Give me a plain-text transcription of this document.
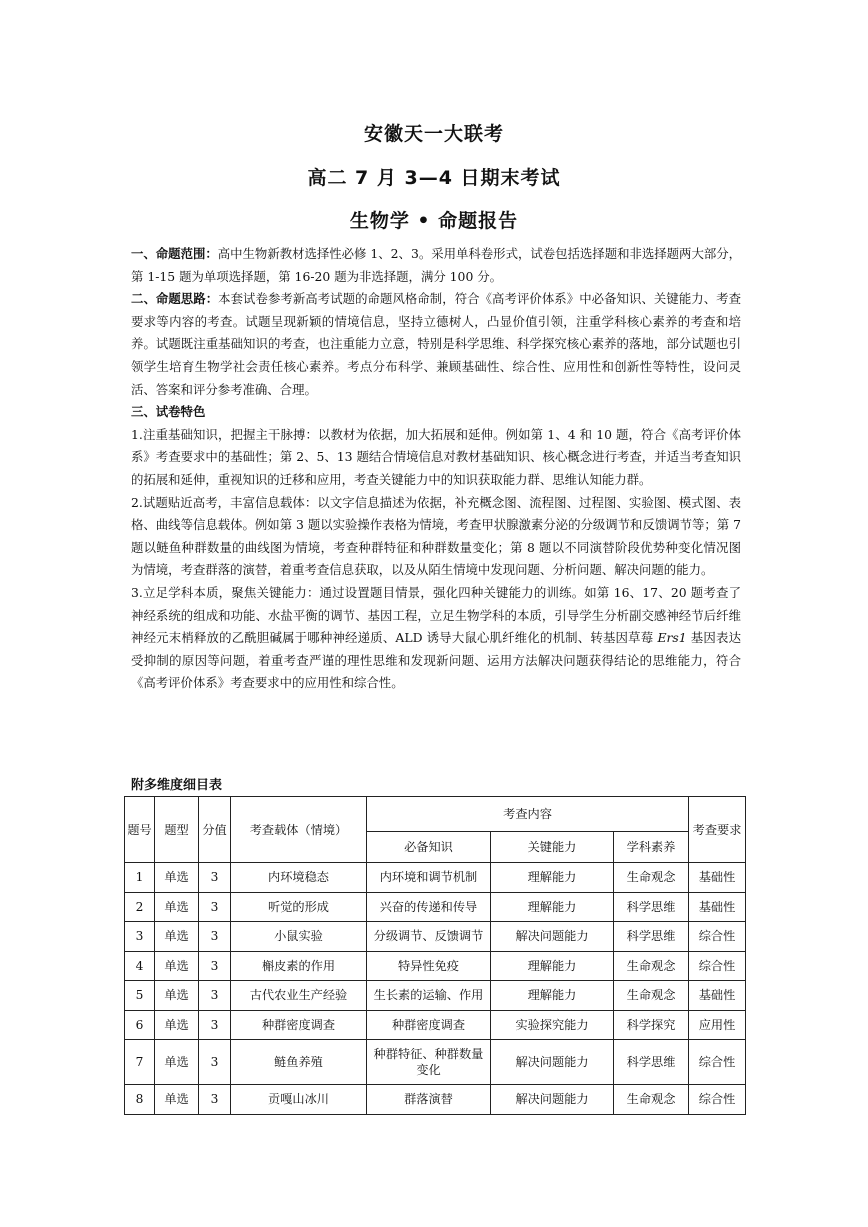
安徽天一大联考
高二 7 月 3—4 日期末考试
生物学 • 命题报告

一、命题范围：高中生物新教材选择性必修 1、2、3。采用单科卷形式，试卷包括选择题和非选择题两大部分，第 1-15 题为单项选择题，第 16-20 题为非选择题，满分 100 分。

二、命题思路：本套试卷参考新高考试题的命题风格命制，符合《高考评价体系》中必备知识、关键能力、考查要求等内容的考查。试题呈现新颖的情境信息，坚持立德树人，凸显价值引领，注重学科核心素养的考查和培养。试题既注重基础知识的考查，也注重能力立意，特别是科学思维、科学探究核心素养的落地，部分试题也引领学生培育生物学社会责任核心素养。考点分布科学、兼顾基础性、综合性、应用性和创新性等特性，设问灵活、答案和评分参考准确、合理。

三、试卷特色

1.注重基础知识，把握主干脉搏：以教材为依据，加大拓展和延伸。例如第 1、4 和 10 题，符合《高考评价体系》考查要求中的基础性；第 2、5、13 题结合情境信息对教材基础知识、核心概念进行考查，并适当考查知识的拓展和延伸，重视知识的迁移和应用，考查关键能力中的知识获取能力群、思维认知能力群。

2.试题贴近高考，丰富信息载体：以文字信息描述为依据，补充概念图、流程图、过程图、实验图、模式图、表格、曲线等信息载体。例如第 3 题以实验操作表格为情境，考查甲状腺激素分泌的分级调节和反馈调节等；第 7 题以鲢鱼种群数量的曲线图为情境，考查种群特征和种群数量变化；第 8 题以不同演替阶段优势种变化情况图为情境，考查群落的演替，着重考查信息获取，以及从陌生情境中发现问题、分析问题、解决问题的能力。

3.立足学科本质，聚焦关键能力：通过设置题目情景，强化四种关键能力的训练。如第 16、17、20 题考查了神经系统的组成和功能、水盐平衡的调节、基因工程，立足生物学科的本质，引导学生分析副交感神经节后纤维神经元末梢释放的乙酰胆碱属于哪种神经递质、ALD 诱导大鼠心肌纤维化的机制、转基因草莓 Ers1 基因表达受抑制的原因等问题，着重考查严谨的理性思维和发现新问题、运用方法解决问题获得结论的思维能力，符合《高考评价体系》考查要求中的应用性和综合性。

附多维度细目表
题号	题型	分值	考查载体（情境）	考查内容			考查要求
				必备知识	关键能力	学科素养	
1	单选	3	内环境稳态	内环境和调节机制	理解能力	生命观念	基础性
2	单选	3	听觉的形成	兴奋的传递和传导	理解能力	科学思维	基础性
3	单选	3	小鼠实验	分级调节、反馈调节	解决问题能力	科学思维	综合性
4	单选	3	槲皮素的作用	特异性免疫	理解能力	生命观念	综合性
5	单选	3	古代农业生产经验	生长素的运输、作用	理解能力	生命观念	基础性
6	单选	3	种群密度调查	种群密度调查	实验探究能力	科学探究	应用性
7	单选	3	鲢鱼养殖	种群特征、种群数量变化	解决问题能力	科学思维	综合性
8	单选	3	贡嘎山冰川	群落演替	解决问题能力	生命观念	综合性
